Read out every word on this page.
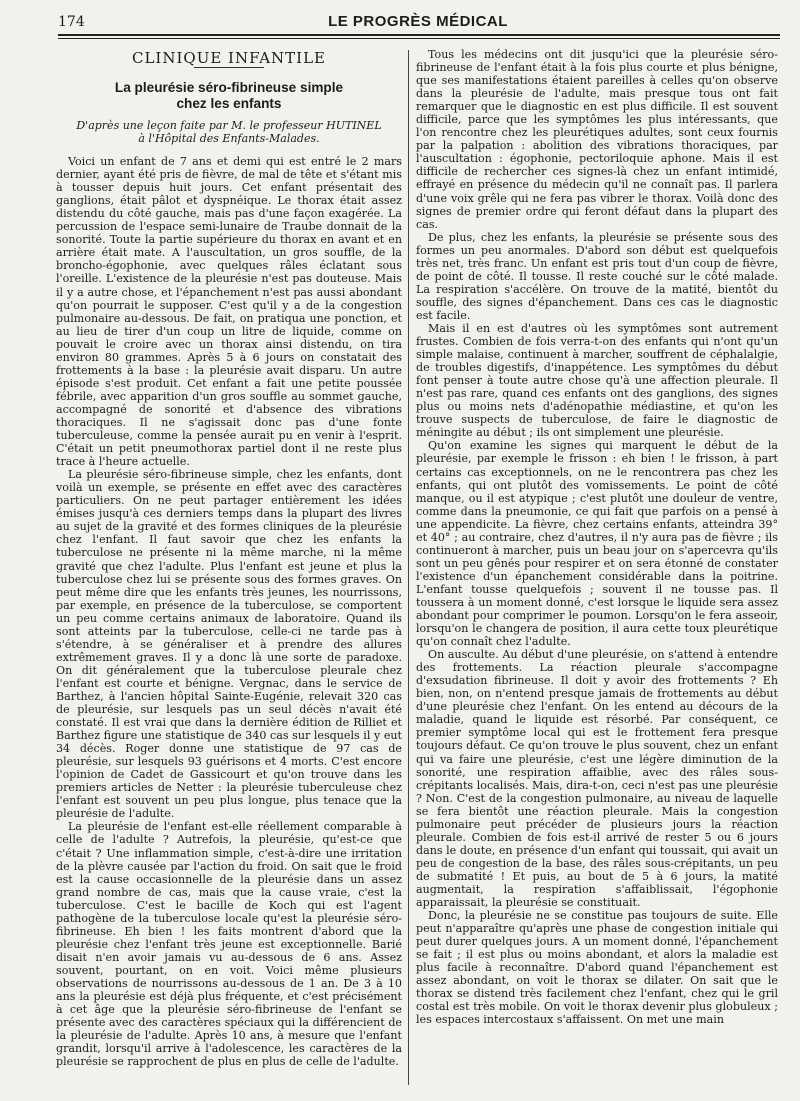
174	LE PROGRÈS MÉDICAL
CLINIQUE INFANTILE
La pleurésie séro-fibrineuse simple
chez les enfants
D'après une leçon faite par M. le professeur HUTINEL
à l'Hôpital des Enfants-Malades.

Voici un enfant de 7 ans et demi qui est entré le 2 mars dernier, ayant été pris de fièvre, de mal de tête et s'étant mis à tousser depuis huit jours. Cet enfant présentait des ganglions, était pâlot et dyspnéique. Le thorax était assez distendu du côté gauche, mais pas d'une façon exagérée. La percussion de l'espace semi-lunaire de Traube donnait de la sonorité. Toute la partie supérieure du thorax en avant et en arrière était mate. A l'auscultation, un gros souffle, de la broncho-égophonie, avec quelques râles éclatant sous l'oreille. L'existence de la pleurésie n'est pas douteuse. Mais il y a autre chose, et l'épanchement n'est pas aussi abondant qu'on pourrait le supposer. C'est qu'il y a de la congestion pulmonaire au-dessous. De fait, on pratiqua une ponction, et au lieu de tirer d'un coup un litre de liquide, comme on pouvait le croire avec un thorax ainsi distendu, on tira environ 80 grammes. Après 5 à 6 jours on constatait des frottements à la base : la pleurésie avait disparu. Un autre épisode s'est produit. Cet enfant a fait une petite poussée fébrile, avec apparition d'un gros souffle au sommet gauche, accompagné de sonorité et d'absence des vibrations thoraciques. Il ne s'agissait donc pas d'une fonte tuberculeuse, comme la pensée aurait pu en venir à l'esprit. C'était un petit pneumothorax partiel dont il ne reste plus trace à l'heure actuelle.

La pleurésie séro-fibrineuse simple, chez les enfants, dont voilà un exemple, se présente en effet avec des caractères particuliers. On ne peut partager entièrement les idées émises jusqu'à ces derniers temps dans la plupart des livres au sujet de la gravité et des formes cliniques de la pleurésie chez l'enfant. Il faut savoir que chez les enfants la tuberculose ne présente ni la même marche, ni la même gravité que chez l'adulte. Plus l'enfant est jeune et plus la tuberculose chez lui se présente sous des formes graves. On peut même dire que les enfants très jeunes, les nourrissons, par exemple, en présence de la tuberculose, se comportent un peu comme certains animaux de laboratoire. Quand ils sont atteints par la tuberculose, celle-ci ne tarde pas à s'étendre, à se généraliser et à prendre des allures extrêmement graves. Il y a donc là une sorte de paradoxe. On dit généralement que la tuberculose pleurale chez l'enfant est courte et bénigne. Vergnac, dans le service de Barthez, à l'ancien hôpital Sainte-Eugénie, relevait 320 cas de pleurésie, sur lesquels pas un seul décès n'avait été constaté. Il est vrai que dans la dernière édition de Rilliet et Barthez figure une statistique de 340 cas sur lesquels il y eut 34 décès. Roger donne une statistique de 97 cas de pleurésie, sur lesquels 93 guérisons et 4 morts. C'est encore l'opinion de Cadet de Gassicourt et qu'on trouve dans les premiers articles de Netter : la pleurésie tuberculeuse chez l'enfant est souvent un peu plus longue, plus tenace que la pleurésie de l'adulte.

La pleurésie de l'enfant est-elle réellement comparable à celle de l'adulte ? Autrefois, la pleurésie, qu'est-ce que c'était ? Une inflammation simple, c'est-à-dire une irritation de la plèvre causée par l'action du froid. On sait que le froid est la cause occasionnelle de la pleurésie dans un assez grand nombre de cas, mais que la cause vraie, c'est la tuberculose. C'est le bacille de Koch qui est l'agent pathogène de la tuberculose locale qu'est la pleurésie séro-fibrineuse. Eh bien ! les faits montrent d'abord que la pleurésie chez l'enfant très jeune est exceptionnelle. Barié disait n'en avoir jamais vu au-dessous de 6 ans. Assez souvent, pourtant, on en voit. Voici même plusieurs observations de nourrissons au-dessous de 1 an. De 3 à 10 ans la pleurésie est déjà plus fréquente, et c'est précisément à cet âge que la pleurésie séro-fibrineuse de l'enfant se présente avec des caractères spéciaux qui la différencient de la pleurésie de l'adulte. Après 10 ans, à mesure que l'enfant grandit, lorsqu'il arrive à l'adolescence, les caractères de la pleurésie se rapprochent de plus en plus de celle de l'adulte.

Tous les médecins ont dit jusqu'ici que la pleurésie séro-fibrineuse de l'enfant était à la fois plus courte et plus bénigne, que ses manifestations étaient pareilles à celles qu'on observe dans la pleurésie de l'adulte, mais presque tous ont fait remarquer que le diagnostic en est plus difficile. Il est souvent difficile, parce que les symptômes les plus intéressants, que l'on rencontre chez les pleurétiques adultes, sont ceux fournis par la palpation : abolition des vibrations thoraciques, par l'auscultation : égophonie, pectoriloquie aphone. Mais il est difficile de rechercher ces signes-là chez un enfant intimidé, effrayé en présence du médecin qu'il ne connaît pas. Il parlera d'une voix grêle qui ne fera pas vibrer le thorax. Voilà donc des signes de premier ordre qui feront défaut dans la plupart des cas.

De plus, chez les enfants, la pleurésie se présente sous des formes un peu anormales. D'abord son début est quelquefois très net, très franc. Un enfant est pris tout d'un coup de fièvre, de point de côté. Il tousse. Il reste couché sur le côté malade. La respiration s'accélère. On trouve de la matité, bientôt du souffle, des signes d'épanchement. Dans ces cas le diagnostic est facile.

Mais il en est d'autres où les symptômes sont autrement frustes. Combien de fois verra-t-on des enfants qui n'ont qu'un simple malaise, continuent à marcher, souffrent de céphalalgie, de troubles digestifs, d'inappétence. Les symptômes du début font penser à toute autre chose qu'à une affection pleurale. Il n'est pas rare, quand ces enfants ont des ganglions, des signes plus ou moins nets d'adénopathie médiastine, et qu'on les trouve suspects de tuberculose, de faire le diagnostic de méningite au début ; ils ont simplement une pleurésie.

Qu'on examine les signes qui marquent le début de la pleurésie, par exemple le frisson : eh bien ! le frisson, à part certains cas exceptionnels, on ne le rencontrera pas chez les enfants, qui ont plutôt des vomissements. Le point de côté manque, ou il est atypique ; c'est plutôt une douleur de ventre, comme dans la pneumonie, ce qui fait que parfois on a pensé à une appendicite. La fièvre, chez certains enfants, atteindra 39° et 40° ; au contraire, chez d'autres, il n'y aura pas de fièvre ; ils continueront à marcher, puis un beau jour on s'apercevra qu'ils sont un peu gênés pour respirer et on sera étonné de constater l'existence d'un épanchement considérable dans la poitrine. L'enfant tousse quelquefois ; souvent il ne tousse pas. Il toussera à un moment donné, c'est lorsque le liquide sera assez abondant pour comprimer le poumon. Lorsqu'on le fera asseoir, lorsqu'on le changera de position, il aura cette toux pleurétique qu'on connaît chez l'adulte.

On ausculte. Au début d'une pleurésie, on s'attend à entendre des frottements. La réaction pleurale s'accompagne d'exsudation fibrineuse. Il doit y avoir des frottements ? Eh bien, non, on n'entend presque jamais de frottements au début d'une pleurésie chez l'enfant. On les entend au décours de la maladie, quand le liquide est résorbé. Par conséquent, ce premier symptôme local qui est le frottement fera presque toujours défaut. Ce qu'on trouve le plus souvent, chez un enfant qui va faire une pleurésie, c'est une légère diminution de la sonorité, une respiration affaiblie, avec des râles sous-crépitants localisés. Mais, dira-t-on, ceci n'est pas une pleurésie ? Non. C'est de la congestion pulmonaire, au niveau de laquelle se fera bientôt une réaction pleurale. Mais la congestion pulmonaire peut précéder de plusieurs jours la réaction pleurale. Combien de fois est-il arrivé de rester 5 ou 6 jours dans le doute, en présence d'un enfant qui toussait, qui avait un peu de congestion de la base, des râles sous-crépitants, un peu de submatité ! Et puis, au bout de 5 à 6 jours, la matité augmentait, la respiration s'affaiblissait, l'égophonie apparaissait, la pleurésie se constituait.

Donc, la pleurésie ne se constitue pas toujours de suite. Elle peut n'apparaître qu'après une phase de congestion initiale qui peut durer quelques jours. A un moment donné, l'épanchement se fait ; il est plus ou moins abondant, et alors la maladie est plus facile à reconnaître. D'abord quand l'épanchement est assez abondant, on voit le thorax se dilater. On sait que le thorax se distend très facilement chez l'enfant, chez qui le gril costal est très mobile. On voit le thorax devenir plus globuleux ; les espaces intercostaux s'affaissent. On met une main
